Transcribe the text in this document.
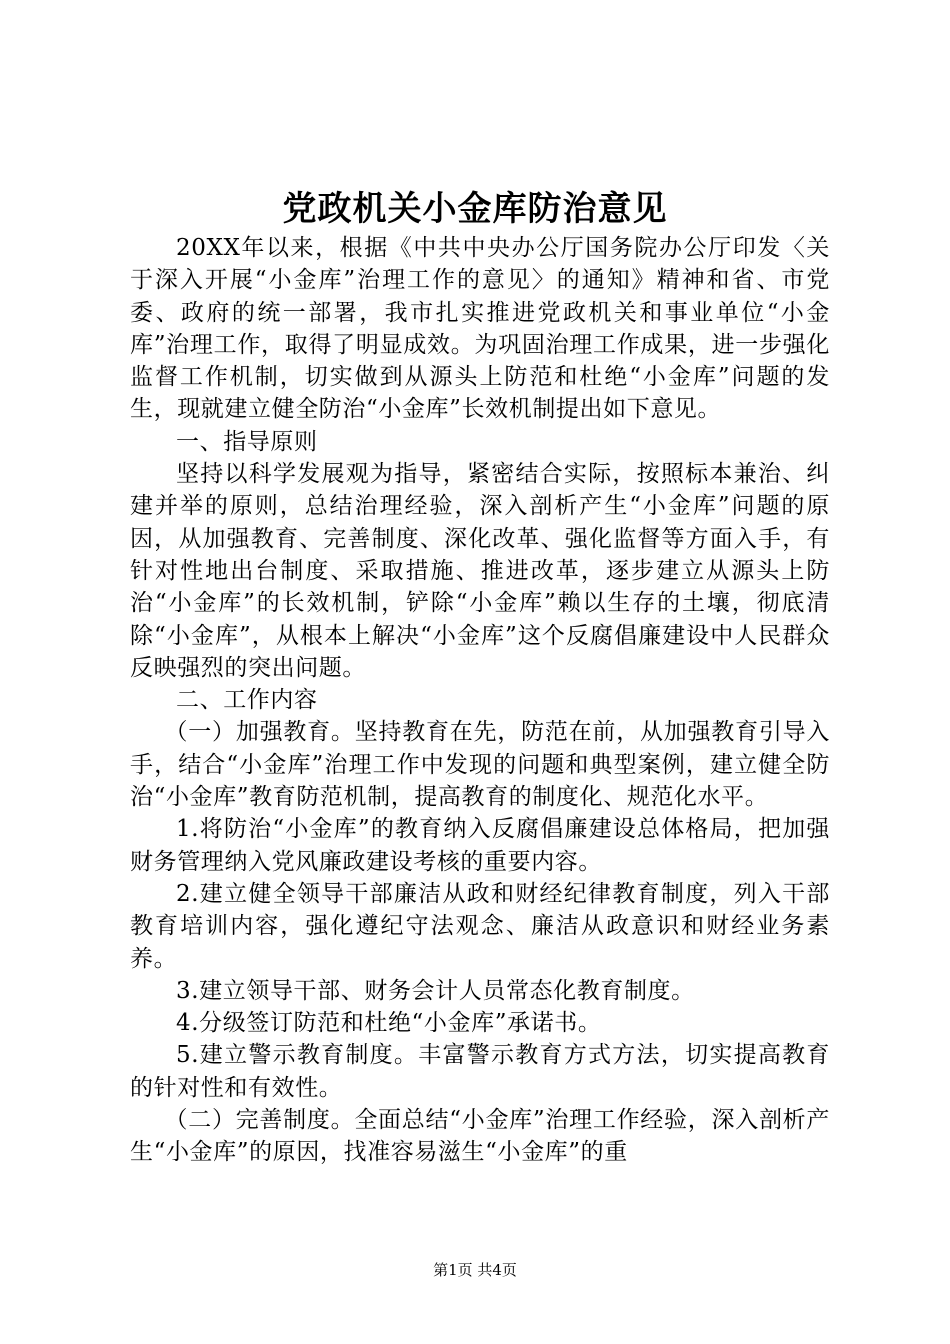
党政机关小金库防治意见

20XX年以来，根据《中共中央办公厅国务院办公厅印发〈关于深入开展“小金库”治理工作的意见〉的通知》精神和省、市党委、政府的统一部署，我市扎实推进党政机关和事业单位“小金库”治理工作，取得了明显成效。为巩固治理工作成果，进一步强化监督工作机制，切实做到从源头上防范和杜绝“小金库”问题的发生，现就建立健全防治“小金库”长效机制提出如下意见。

一、指导原则

坚持以科学发展观为指导，紧密结合实际，按照标本兼治、纠建并举的原则，总结治理经验，深入剖析产生“小金库”问题的原因，从加强教育、完善制度、深化改革、强化监督等方面入手，有针对性地出台制度、采取措施、推进改革，逐步建立从源头上防治“小金库”的长效机制，铲除“小金库”赖以生存的土壤，彻底清除“小金库”，从根本上解决“小金库”这个反腐倡廉建设中人民群众反映强烈的突出问题。

二、工作内容

（一）加强教育。坚持教育在先，防范在前，从加强教育引导入手，结合“小金库”治理工作中发现的问题和典型案例，建立健全防治“小金库”教育防范机制，提高教育的制度化、规范化水平。

1.将防治“小金库”的教育纳入反腐倡廉建设总体格局，把加强财务管理纳入党风廉政建设考核的重要内容。

2.建立健全领导干部廉洁从政和财经纪律教育制度，列入干部教育培训内容，强化遵纪守法观念、廉洁从政意识和财经业务素养。

3.建立领导干部、财务会计人员常态化教育制度。

4.分级签订防范和杜绝“小金库”承诺书。

5.建立警示教育制度。丰富警示教育方式方法，切实提高教育的针对性和有效性。

（二）完善制度。全面总结“小金库”治理工作经验，深入剖析产生“小金库”的原因，找准容易滋生“小金库”的重

第1页 共4页
